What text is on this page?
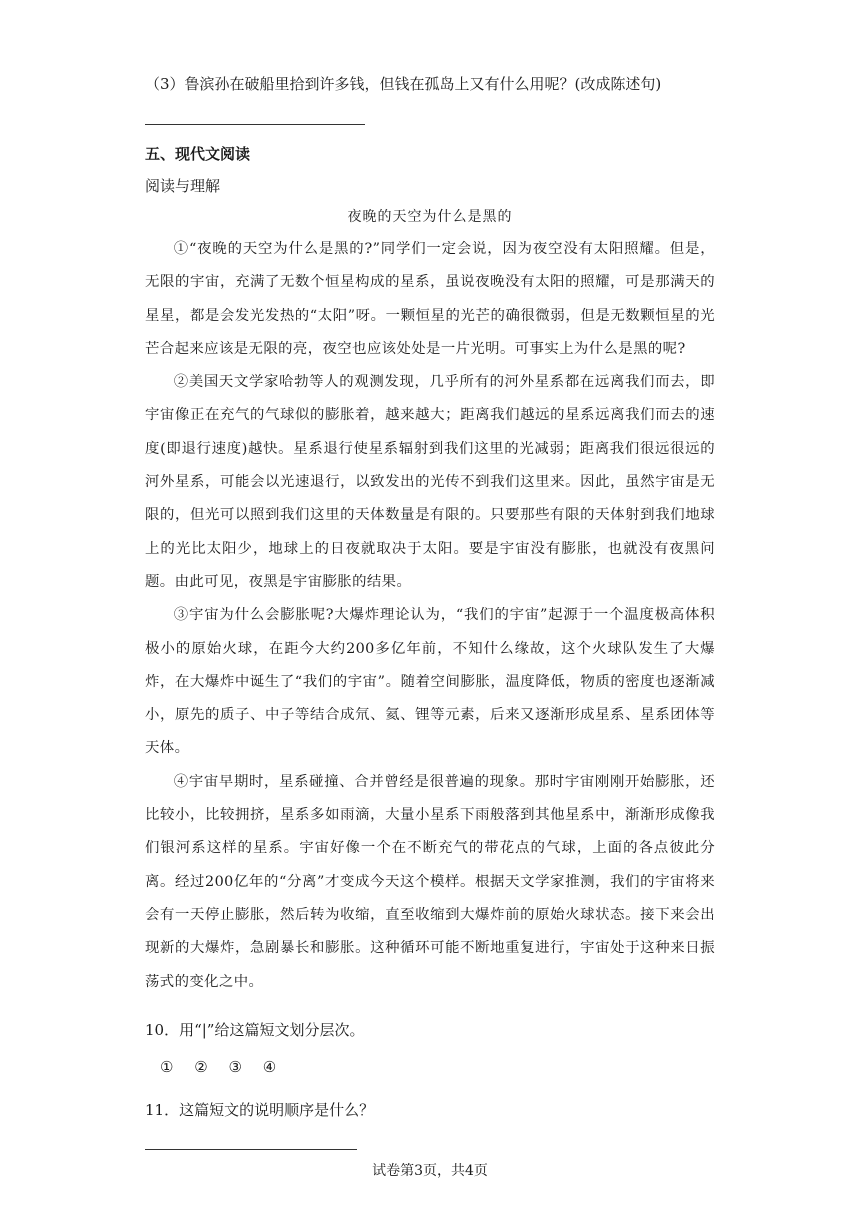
（3）鲁滨孙在破船里拾到许多钱，但钱在孤岛上又有什么用呢？(改成陈述句)
五、现代文阅读
阅读与理解
夜晚的天空为什么是黑的

①“夜晚的天空为什么是黑的?”同学们一定会说，因为夜空没有太阳照耀。但是，无限的宇宙，充满了无数个恒星构成的星系，虽说夜晚没有太阳的照耀，可是那满天的星星，都是会发光发热的“太阳”呀。一颗恒星的光芒的确很微弱，但是无数颗恒星的光芒合起来应该是无限的亮，夜空也应该处处是一片光明。可事实上为什么是黑的呢?

②美国天文学家哈勃等人的观测发现，几乎所有的河外星系都在远离我们而去，即宇宙像正在充气的气球似的膨胀着，越来越大；距离我们越远的星系远离我们而去的速度(即退行速度)越快。星系退行使星系辐射到我们这里的光减弱；距离我们很远很远的河外星系，可能会以光速退行，以致发出的光传不到我们这里来。因此，虽然宇宙是无限的，但光可以照到我们这里的天体数量是有限的。只要那些有限的天体射到我们地球上的光比太阳少，地球上的日夜就取决于太阳。要是宇宙没有膨胀，也就没有夜黑问题。由此可见，夜黑是宇宙膨胀的结果。

③宇宙为什么会膨胀呢?大爆炸理论认为，“我们的宇宙”起源于一个温度极高体积极小的原始火球，在距今大约200多亿年前，不知什么缘故，这个火球队发生了大爆炸，在大爆炸中诞生了“我们的宇宙”。随着空间膨胀，温度降低，物质的密度也逐渐减小，原先的质子、中子等结合成氘、氦、锂等元素，后来又逐渐形成星系、星系团体等天体。

④宇宙早期时，星系碰撞、合并曾经是很普遍的现象。那时宇宙刚刚开始膨胀，还比较小，比较拥挤，星系多如雨滴，大量小星系下雨般落到其他星系中，渐渐形成像我们银河系这样的星系。宇宙好像一个在不断充气的带花点的气球，上面的各点彼此分离。经过200亿年的“分离”才变成今天这个模样。根据天文学家推测，我们的宇宙将来会有一天停止膨胀，然后转为收缩，直至收缩到大爆炸前的原始火球状态。接下来会出现新的大爆炸，急剧暴长和膨胀。这种循环可能不断地重复进行，宇宙处于这种来日振荡式的变化之中。

10．用“|”给这篇短文划分层次。
① ② ③ ④
11．这篇短文的说明顺序是什么？
试卷第3页，共4页
